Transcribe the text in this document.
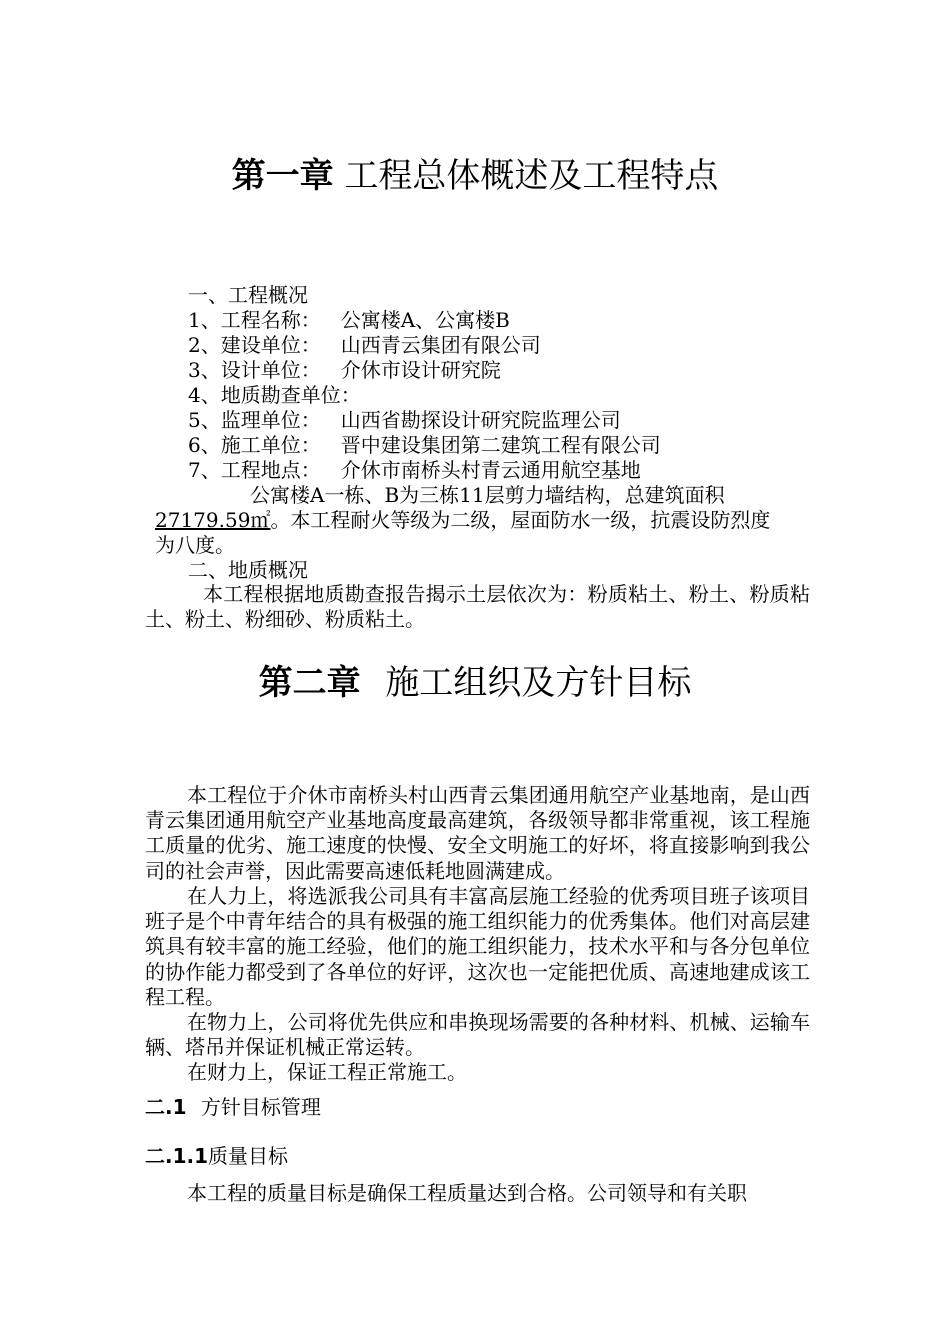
第一章 工程总体概述及工程特点
一、工程概况
1、工程名称： 公寓楼A、公寓楼B
2、建设单位： 山西青云集团有限公司
3、设计单位： 介休市设计研究院
4、地质勘查单位：
5、监理单位： 山西省勘探设计研究院监理公司
6、施工单位： 晋中建设集团第二建筑工程有限公司
7、工程地点： 介休市南桥头村青云通用航空基地
公寓楼A一栋、B为三栋11层剪力墙结构，总建筑面积
27179.59㎡。本工程耐火等级为二级，屋面防水一级，抗震设防烈度
为八度。
二、地质概况
本工程根据地质勘查报告揭示土层依次为：粉质粘土、粉土、粉质粘土、粉土、粉细砂、粉质粘土。
第二章 施工组织及方针目标
本工程位于介休市南桥头村山西青云集团通用航空产业基地南，是山西青云集团通用航空产业基地高度最高建筑，各级领导都非常重视，该工程施工质量的优劣、施工速度的快慢、安全文明施工的好坏，将直接影响到我公司的社会声誉，因此需要高速低耗地圆满建成。
在人力上，将选派我公司具有丰富高层施工经验的优秀项目班子该项目班子是个中青年结合的具有极强的施工组织能力的优秀集体。他们对高层建筑具有较丰富的施工经验，他们的施工组织能力，技术水平和与各分包单位的协作能力都受到了各单位的好评，这次也一定能把优质、高速地建成该工程工程。
在物力上，公司将优先供应和串换现场需要的各种材料、机械、运输车辆、塔吊并保证机械正常运转。
在财力上，保证工程正常施工。
二.1 方针目标管理
二.1.1质量目标
本工程的质量目标是确保工程质量达到合格。公司领导和有关职
